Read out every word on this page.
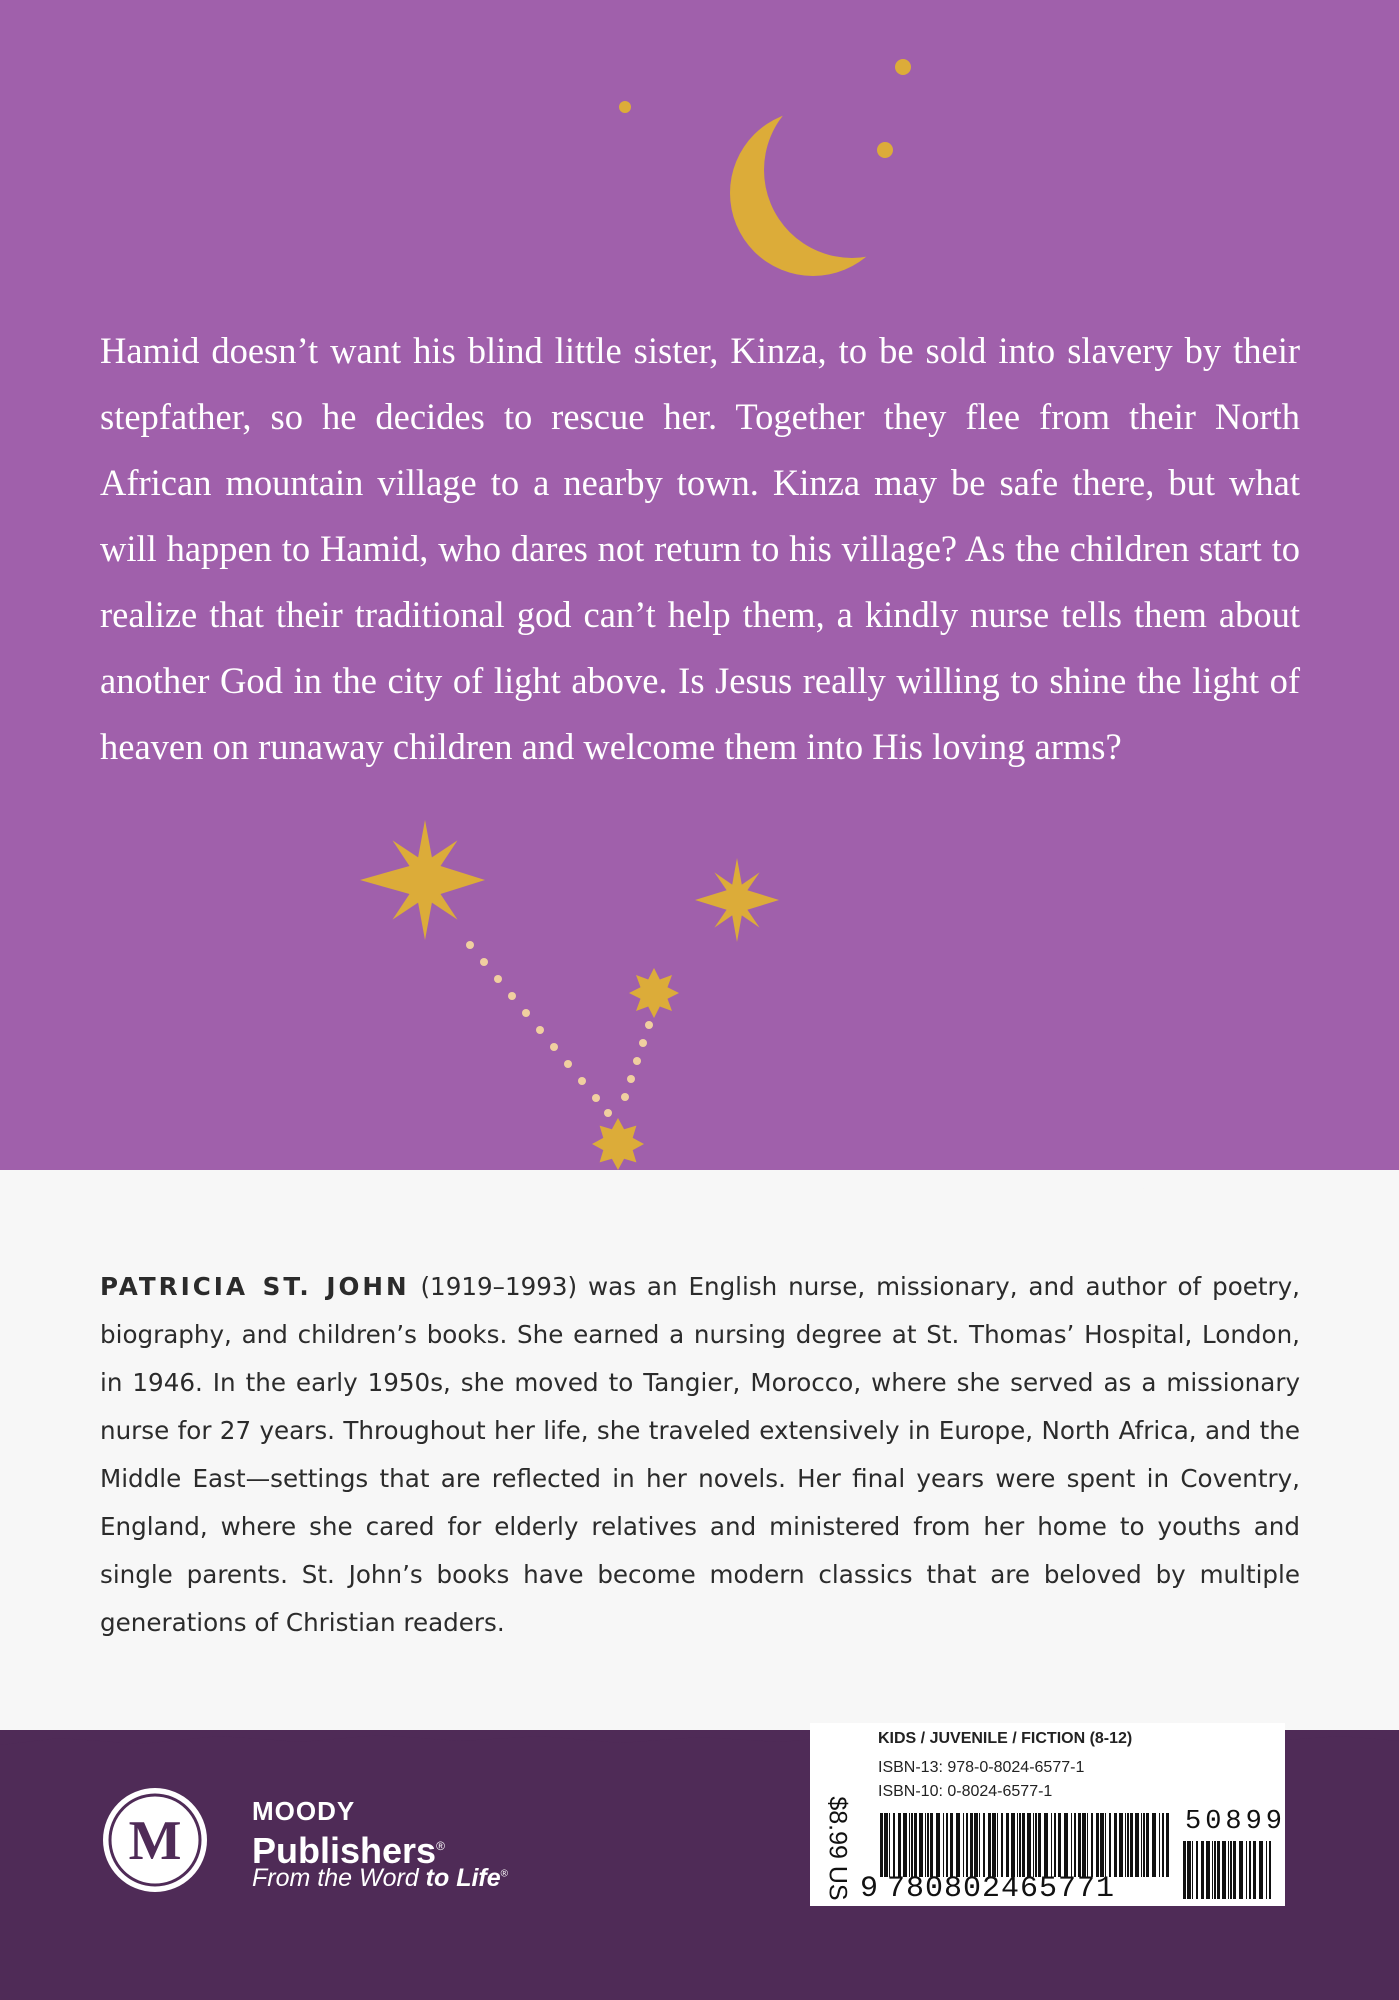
Hamid doesn’t want his blind little sister, Kinza, to be sold into slavery by their stepfather, so he decides to rescue her. Together they flee from their North African mountain village to a nearby town. Kinza may be safe there, but what will happen to Hamid, who dares not return to his village? As the children start to realize that their traditional god can’t help them, a kindly nurse tells them about another God in the city of light above. Is Jesus really willing to shine the light of heaven on runaway children and welcome them into His loving arms?

PATRICIA ST. JOHN (1919–1993) was an English nurse, missionary, and author of poetry, biography, and children’s books. She earned a nursing degree at St. Thomas’ Hospital, London, in 1946. In the early 1950s, she moved to Tangier, Morocco, where she served as a missionary nurse for 27 years. Throughout her life, she traveled extensively in Europe, North Africa, and the Middle East—settings that are reflected in her novels. Her final years were spent in Coventry, England, where she cared for elderly relatives and ministered from her home to youths and single parents. St. John’s books have become modern classics that are beloved by multiple generations of Christian readers.

M	MOODY
Publishers®
From the Word to Life®
KIDS / JUVENILE / FICTION (8-12)
ISBN-13: 978-0-8024-6577-1
ISBN-10: 0-8024-6577-1
$8.99 US	50899
9 780802465771
